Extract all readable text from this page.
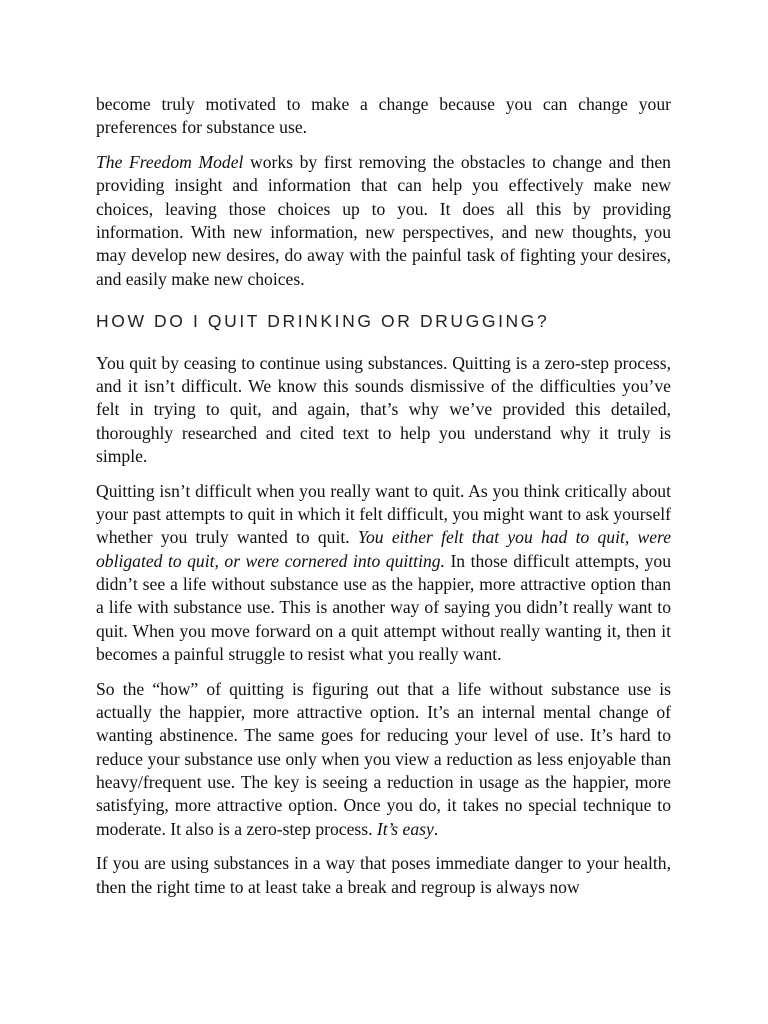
become truly motivated to make a change because you can change your preferences for substance use.

The Freedom Model works by first removing the obstacles to change and then providing insight and information that can help you effectively make new choices, leaving those choices up to you. It does all this by providing information. With new information, new perspectives, and new thoughts, you may develop new desires, do away with the painful task of fighting your desires, and easily make new choices.

HOW DO I QUIT DRINKING OR DRUGGING?

You quit by ceasing to continue using substances. Quitting is a zero-step process, and it isn’t difficult. We know this sounds dismissive of the difficulties you’ve felt in trying to quit, and again, that’s why we’ve provided this detailed, thoroughly researched and cited text to help you understand why it truly is simple.

Quitting isn’t difficult when you really want to quit. As you think critically about your past attempts to quit in which it felt difficult, you might want to ask yourself whether you truly wanted to quit. You either felt that you had to quit, were obligated to quit, or were cornered into quitting. In those difficult attempts, you didn’t see a life without substance use as the happier, more attractive option than a life with substance use. This is another way of saying you didn’t really want to quit. When you move forward on a quit attempt without really wanting it, then it becomes a painful struggle to resist what you really want.

So the “how” of quitting is figuring out that a life without substance use is actually the happier, more attractive option. It’s an internal mental change of wanting abstinence. The same goes for reducing your level of use. It’s hard to reduce your substance use only when you view a reduction as less enjoyable than heavy/frequent use. The key is seeing a reduction in usage as the happier, more satisfying, more attractive option. Once you do, it takes no special technique to moderate. It also is a zero-step process. It’s easy.

If you are using substances in a way that poses immediate danger to your health, then the right time to at least take a break and regroup is always now
